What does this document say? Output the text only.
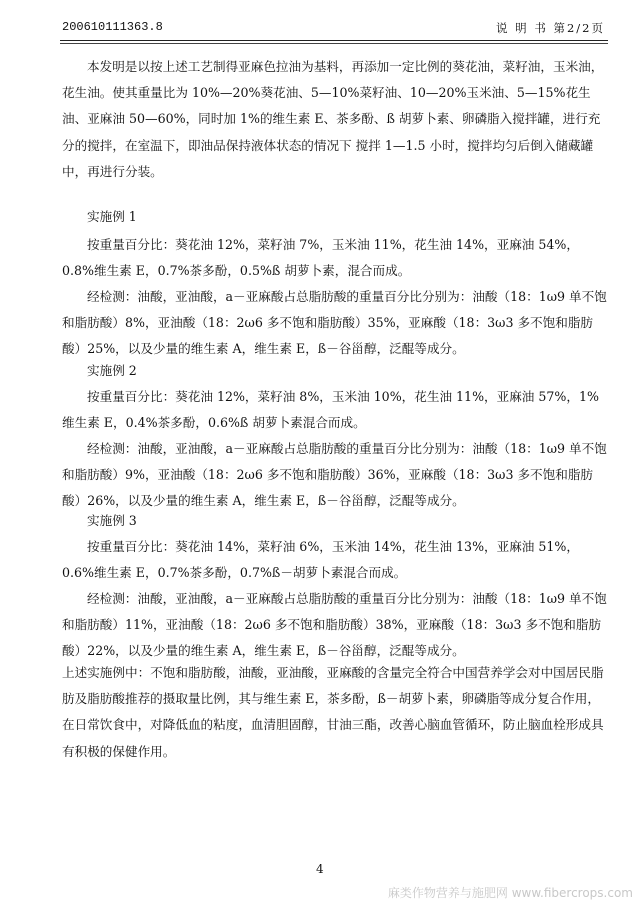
200610111363.8	说 明 书 第2/2页

本发明是以按上述工艺制得亚麻色拉油为基料，再添加一定比例的葵花油，菜籽油，玉米油，花生油。使其重量比为 10%—20%葵花油、5—10%菜籽油、10—20%玉米油、5—15%花生油、亚麻油 50—60%，同时加 1%的维生素 E、茶多酚、ß 胡萝卜素、卵磷脂入搅拌罐，进行充分的搅拌，在室温下，即油品保持液体状态的情况下 搅拌 1—1.5 小时，搅拌均匀后倒入储藏罐中，再进行分装。

实施例 1

按重量百分比：葵花油 12%，菜籽油 7%，玉米油 11%，花生油 14%，亚麻油 54%，0.8%维生素 E，0.7%茶多酚，0.5%ß 胡萝卜素，混合而成。

经检测：油酸，亚油酸，a－亚麻酸占总脂肪酸的重量百分比分别为：油酸（18：1ω9 单不饱和脂肪酸）8%，亚油酸（18：2ω6 多不饱和脂肪酸）35%，亚麻酸（18：3ω3 多不饱和脂肪酸）25%，以及少量的维生素 A，维生素 E，ß－谷甾醇，泛醌等成分。

实施例 2

按重量百分比：葵花油 12%，菜籽油 8%，玉米油 10%，花生油 11%，亚麻油 57%，1%维生素 E，0.4%茶多酚，0.6%ß 胡萝卜素混合而成。

经检测：油酸，亚油酸，a－亚麻酸占总脂肪酸的重量百分比分别为：油酸（18：1ω9 单不饱和脂肪酸）9%，亚油酸（18：2ω6 多不饱和脂肪酸）36%，亚麻酸（18：3ω3 多不饱和脂肪酸）26%，以及少量的维生素 A，维生素 E，ß－谷甾醇，泛醌等成分。

实施例 3

按重量百分比：葵花油 14%，菜籽油 6%，玉米油 14%，花生油 13%，亚麻油 51%，0.6%维生素 E，0.7%茶多酚，0.7%ß－胡萝卜素混合而成。

经检测：油酸，亚油酸，a－亚麻酸占总脂肪酸的重量百分比分别为：油酸（18：1ω9 单不饱和脂肪酸）11%，亚油酸（18：2ω6 多不饱和脂肪酸）38%，亚麻酸（18：3ω3 多不饱和脂肪酸）22%，以及少量的维生素 A，维生素 E，ß－谷甾醇，泛醌等成分。

上述实施例中：不饱和脂肪酸，油酸，亚油酸，亚麻酸的含量完全符合中国营养学会对中国居民脂肪及脂肪酸推荐的摄取量比例，其与维生素 E，茶多酚，ß－胡萝卜素，卵磷脂等成分复合作用，在日常饮食中，对降低血的粘度，血清胆固醇，甘油三酯，改善心脑血管循环，防止脑血栓形成具有积极的保健作用。

4
麻类作物营养与施肥网 www.fibercrops.com
